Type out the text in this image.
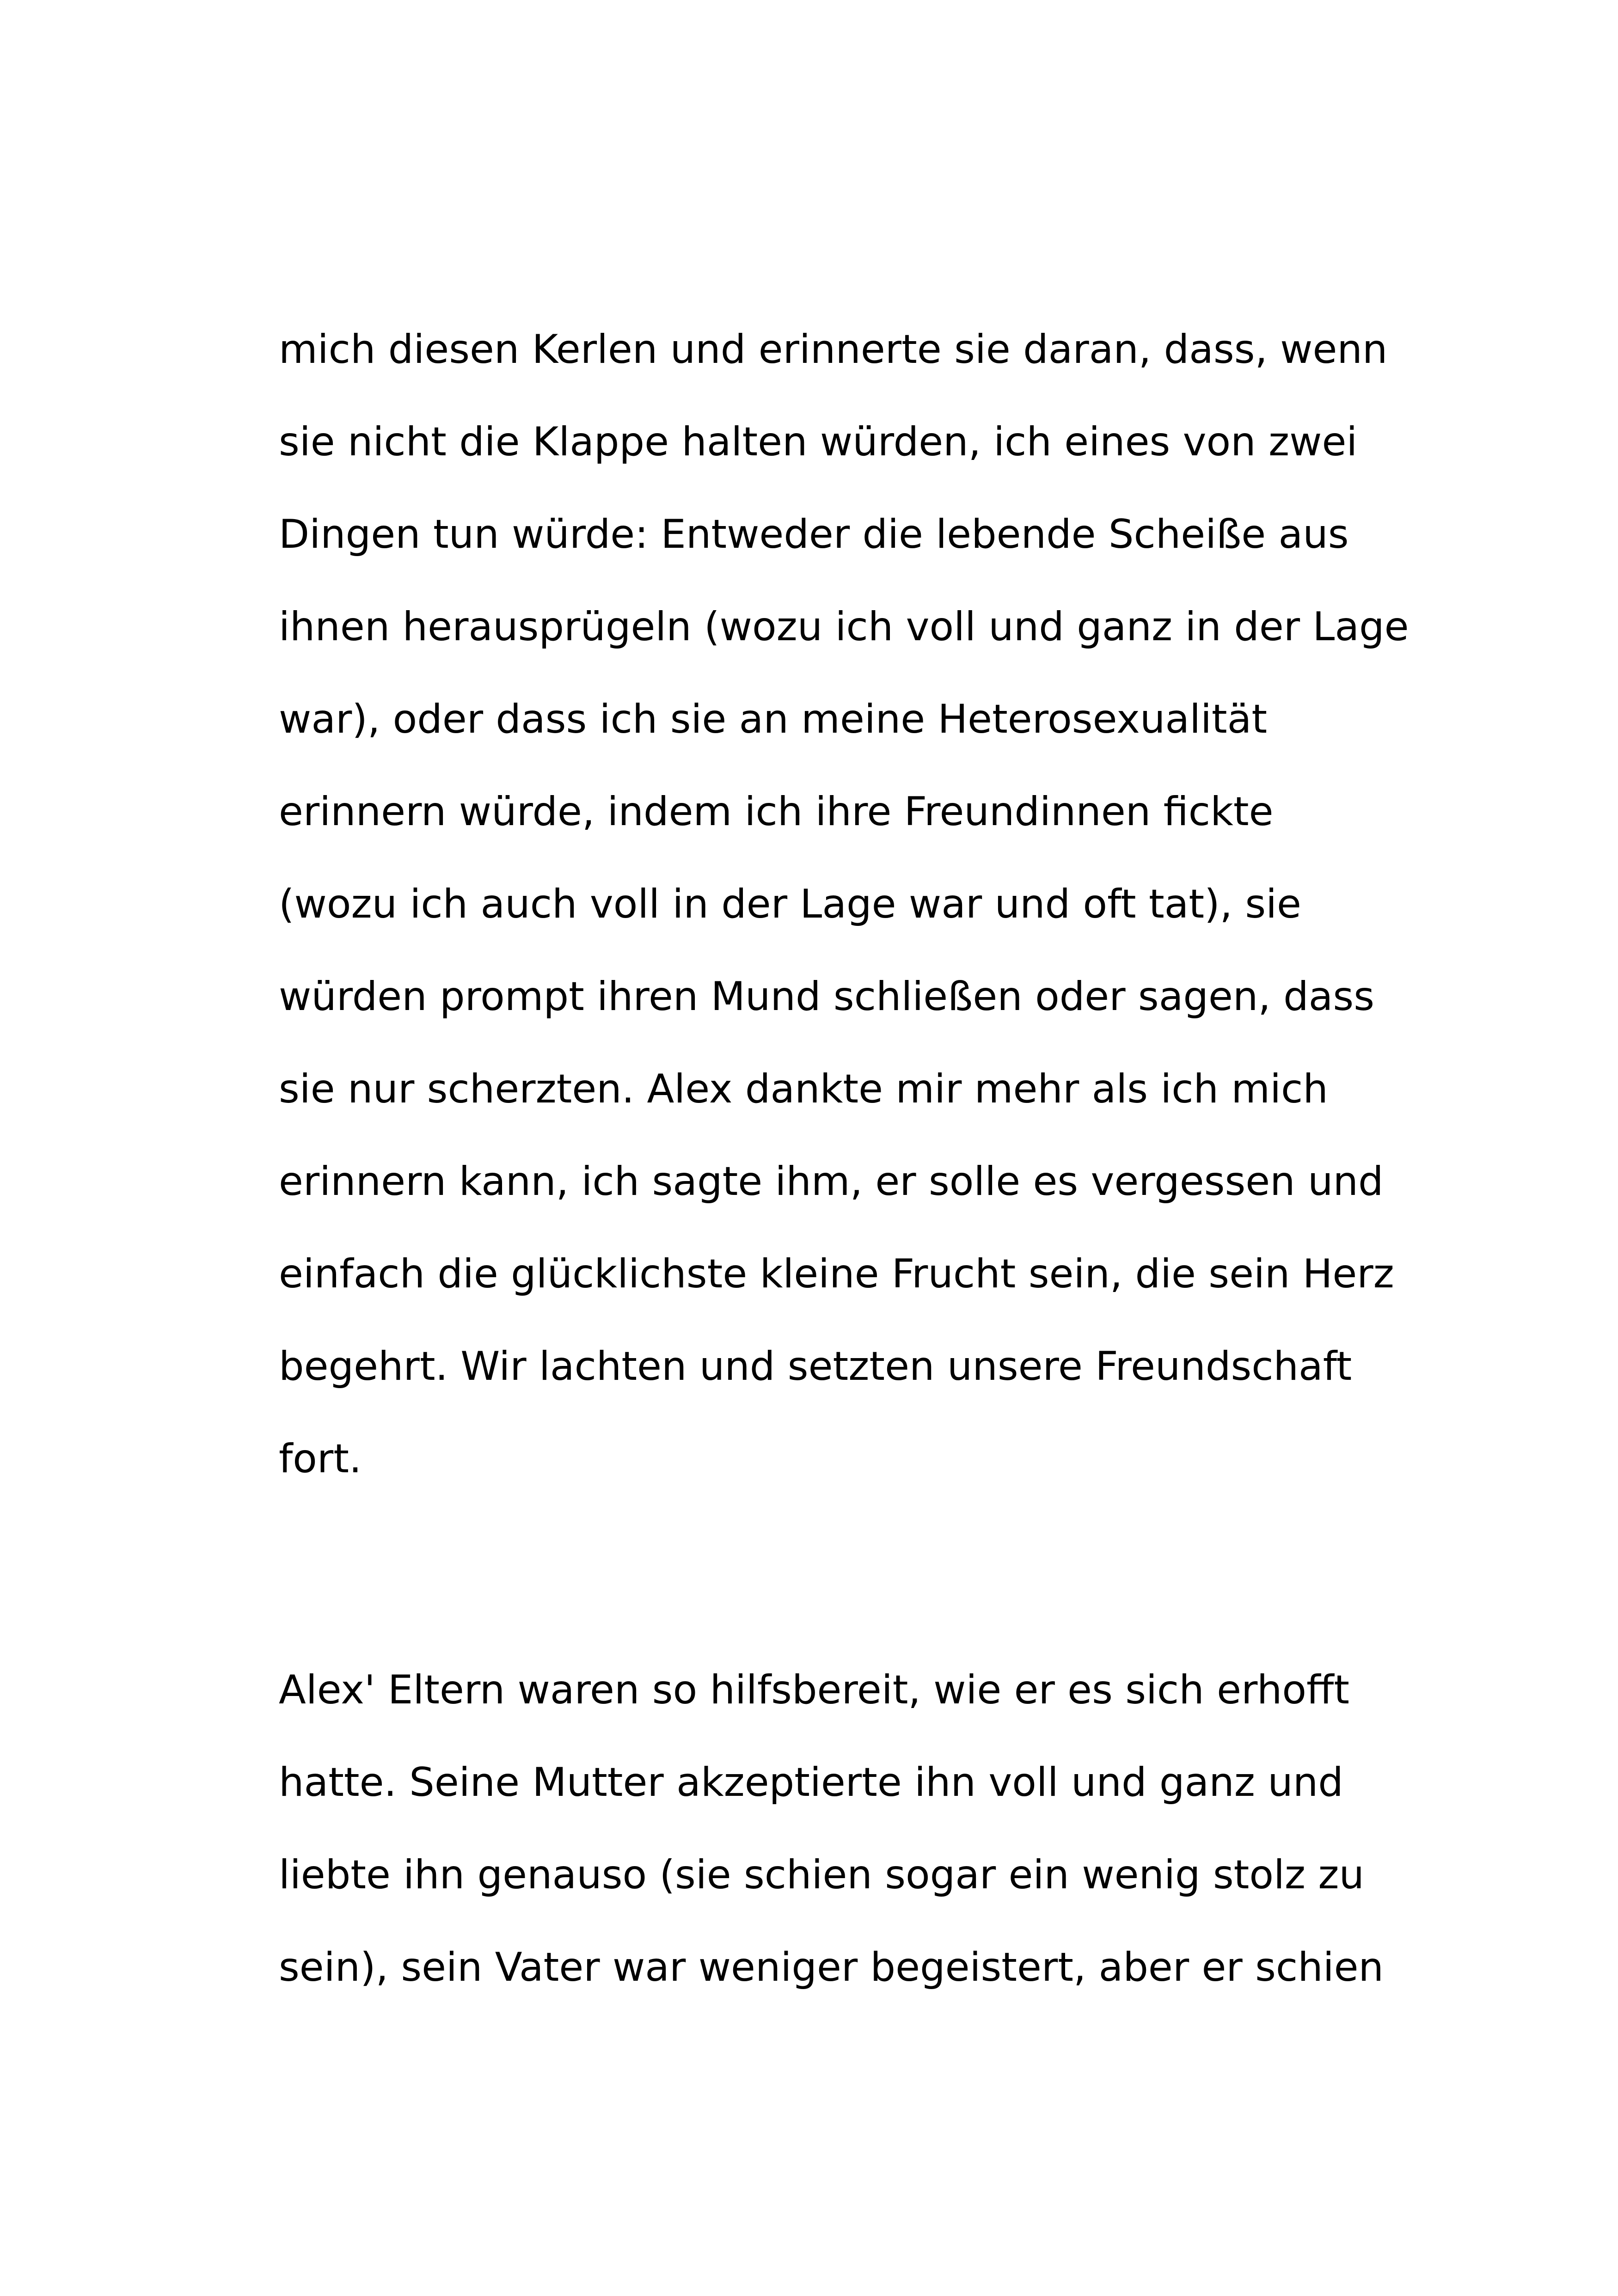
mich diesen Kerlen und erinnerte sie daran, dass, wenn

sie nicht die Klappe halten würden, ich eines von zwei

Dingen tun würde: Entweder die lebende Scheiße aus

ihnen herausprügeln (wozu ich voll und ganz in der Lage

war), oder dass ich sie an meine Heterosexualität

erinnern würde, indem ich ihre Freundinnen fickte

(wozu ich auch voll in der Lage war und oft tat), sie

würden prompt ihren Mund schließen oder sagen, dass

sie nur scherzten. Alex dankte mir mehr als ich mich

erinnern kann, ich sagte ihm, er solle es vergessen und

einfach die glücklichste kleine Frucht sein, die sein Herz

begehrt. Wir lachten und setzten unsere Freundschaft

fort.

Alex' Eltern waren so hilfsbereit, wie er es sich erhofft

hatte. Seine Mutter akzeptierte ihn voll und ganz und

liebte ihn genauso (sie schien sogar ein wenig stolz zu

sein), sein Vater war weniger begeistert, aber er schien
